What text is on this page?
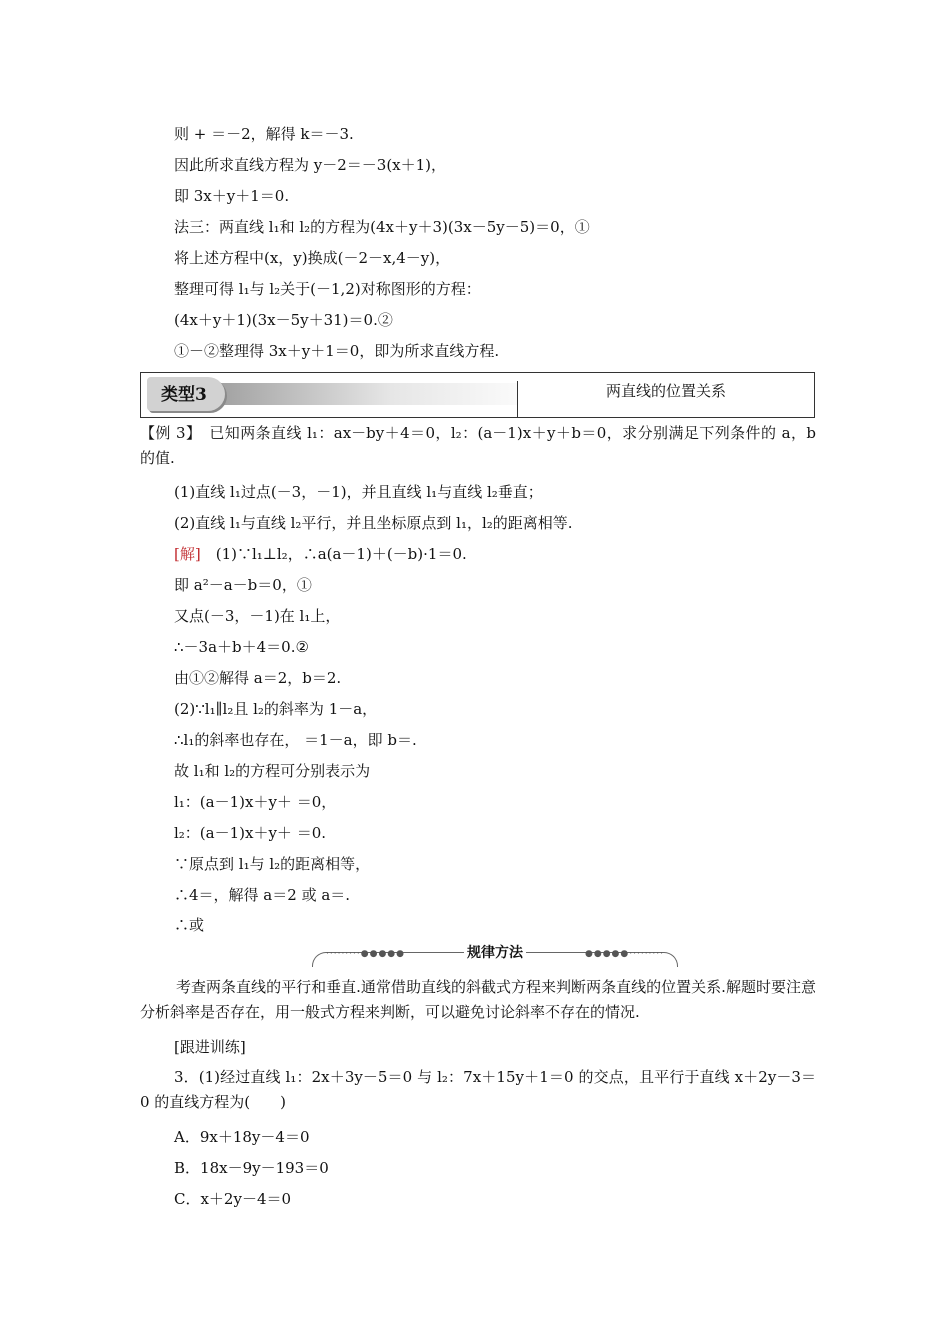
则 + ＝－2，解得 k＝－3.
因此所求直线方程为 y－2＝－3(x＋1)，
即 3x＋y＋1＝0.
法三：两直线 l₁和 l₂的方程为(4x＋y＋3)(3x－5y－5)＝0，①
将上述方程中(x，y)换成(－2－x,4－y)，
整理可得 l₁与 l₂关于(－1,2)对称图形的方程：
(4x＋y＋1)(3x－5y＋31)＝0.②
①－②整理得 3x＋y＋1＝0，即为所求直线方程.
类型3	两直线的位置关系
【例 3】　已知两条直线 l₁：ax－by＋4＝0，l₂：(a－1)x＋y＋b＝0，求分别满足下列条件的 a，b 的值.
(1)直线 l₁过点(－3，－1)，并且直线 l₁与直线 l₂垂直；
(2)直线 l₁与直线 l₂平行，并且坐标原点到 l₁，l₂的距离相等.
[解]　(1)∵l₁⊥l₂，∴a(a－1)＋(－b)·1＝0.
即 a²－a－b＝0，①
又点(－3，－1)在 l₁上，
∴－3a＋b＋4＝0.②
由①②解得 a＝2，b＝2.
(2)∵l₁∥l₂且 l₂的斜率为 1－a，
∴l₁的斜率也存在， ＝1－a，即 b＝.
故 l₁和 l₂的方程可分别表示为
l₁：(a－1)x＋y＋ ＝0，
l₂：(a－1)x＋y＋ ＝0.
∵原点到 l₁与 l₂的距离相等，
∴4＝，解得 a＝2 或 a＝.
∴或
·········●●●●●	●●●●●·········
规律方法
考查两条直线的平行和垂直.通常借助直线的斜截式方程来判断两条直线的位置关系.解题时要注意分析斜率是否存在，用一般式方程来判断，可以避免讨论斜率不存在的情况.
[跟进训练]
3．(1)经过直线 l₁：2x＋3y－5＝0 与 l₂：7x＋15y＋1＝0 的交点，且平行于直线 x＋2y－3＝0 的直线方程为(　　)
A．9x＋18y－4＝0
B．18x－9y－193＝0
C．x＋2y－4＝0
